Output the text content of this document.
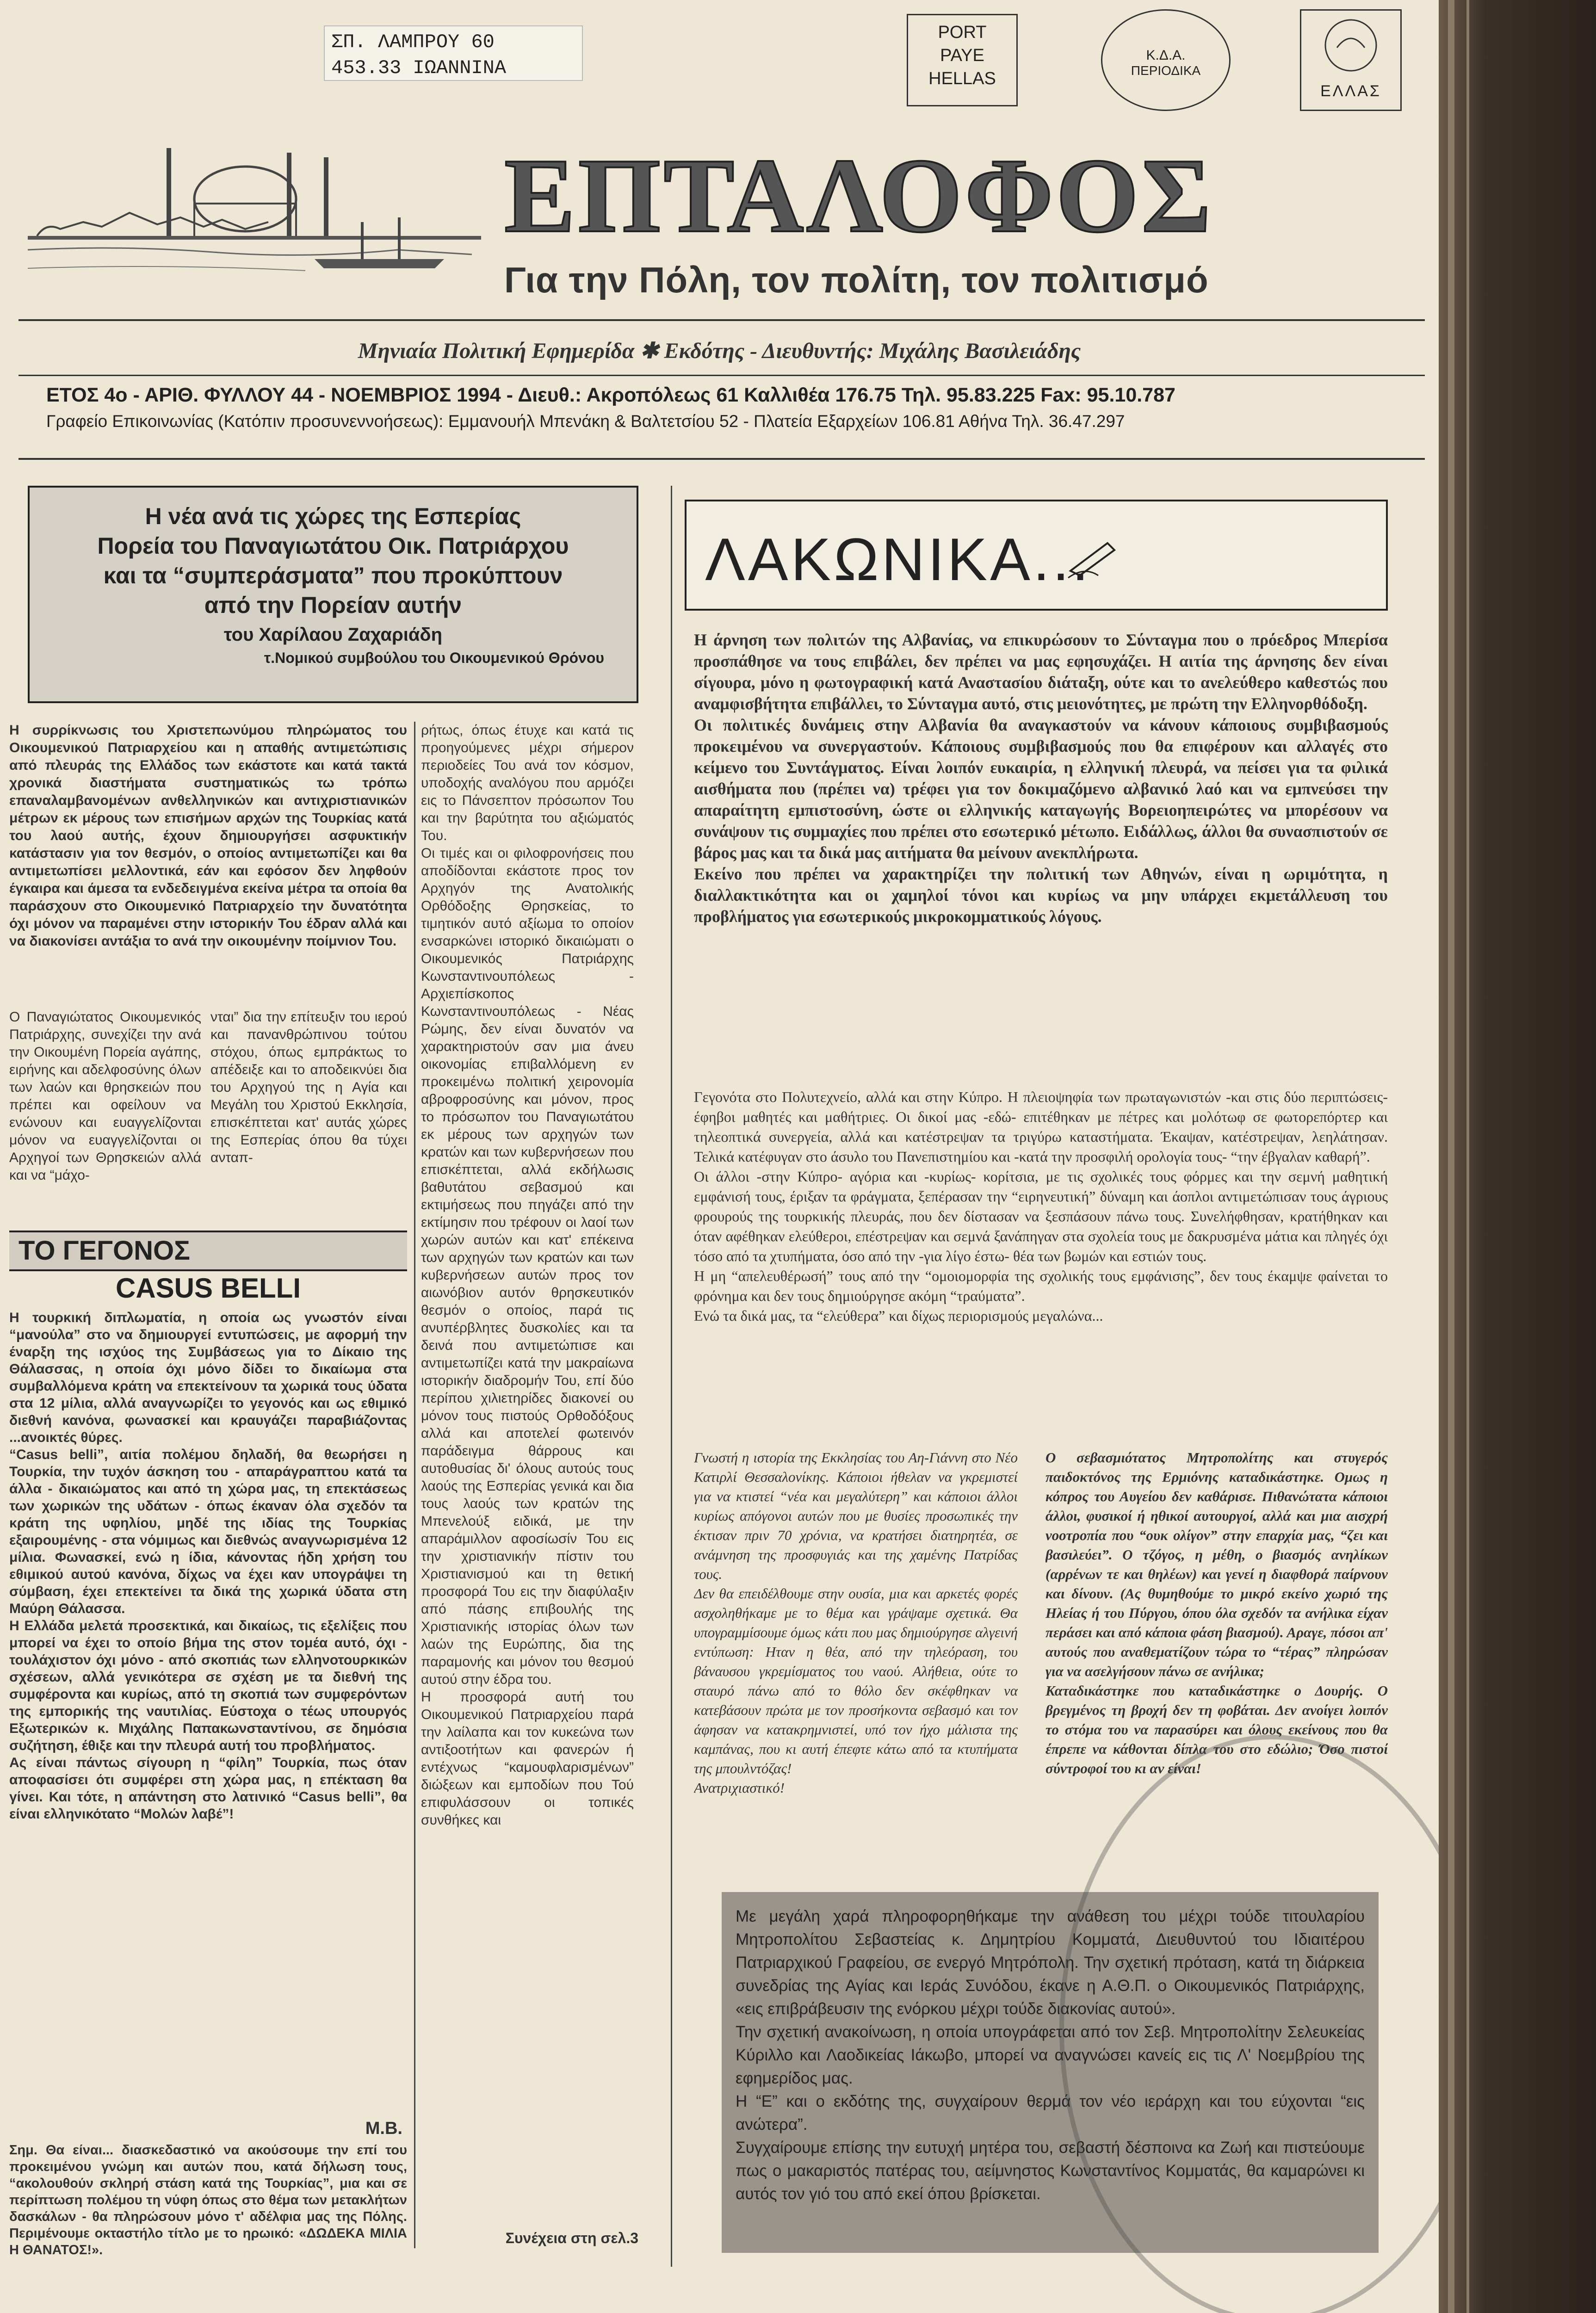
ΣΠ. ΛΑΜΠΡΟΥ 60
453.33 ΙΩΑΝΝΙΝΑ
PORT
PAYE
HELLAS
Κ.Δ.Α.
ΠΕΡΙΟΔΙΚΑ
ΕΛΛΑΣ
ΕΠΤΑΛΟΦΟΣ
Για την Πόλη, τον πολίτη, τον πολιτισμό
Μηνιαία Πολιτική Εφημερίδα ✱ Εκδότης - Διευθυντής: Μιχάλης Βασιλειάδης
ΕΤΟΣ 4ο - ΑΡΙΘ. ΦΥΛΛΟΥ 44 - ΝΟΕΜΒΡΙΟΣ 1994 - Διευθ.: Ακροπόλεως 61 Καλλιθέα 176.75 Τηλ. 95.83.225 Fax: 95.10.787
Γραφείο Επικοινωνίας (Κατόπιν προσυνεννοήσεως): Εμμανουήλ Μπενάκη & Βαλτετσίου 52 - Πλατεία Εξαρχείων 106.81 Αθήνα Τηλ. 36.47.297
Η νέα ανά τις χώρες της Εσπερίας
Πορεία του Παναγιωτάτου Οικ. Πατριάρχου
και τα “συμπεράσματα” που προκύπτουν
από την Πορείαν αυτήν
του Χαρίλαου Ζαχαριάδη
τ.Νομικού συμβούλου του Οικουμενικού Θρόνου
Η συρρίκνωσις του Χριστεπωνύμου πληρώματος του Οικουμενικού Πατριαρχείου και η απαθής αντιμετώπισις από πλευράς της Ελλάδος των εκάστοτε και κατά τακτά χρονικά διαστήματα συστηματικώς τω τρόπω επαναλαμβανομένων ανθελληνικών και αντιχριστιανικών μέτρων εκ μέρους των επισήμων αρχών της Τουρκίας κατά του λαού αυτής, έχουν δημιουργήσει ασφυκτικήν κατάστασιν για τον θεσμόν, ο οποίος αντιμετωπίζει και θα αντιμετωπίσει μελλοντικά, εάν και εφόσον δεν ληφθούν έγκαιρα και άμεσα τα ενδεδειγμένα εκείνα μέτρα τα οποία θα παράσχουν στο Οικουμενικό Πατριαρχείο την δυνατότητα όχι μόνον να παραμένει στην ιστορικήν Του έδραν αλλά και να διακονίσει αντάξια το ανά την οικουμένην ποίμνιον Του.
Ο Παναγιώτατος Οικουμενικός Πατριάρχης, συνεχίζει την ανά την Οικουμένη Πορεία αγάπης, ειρήνης και αδελφοσύνης όλων των λαών και θρησκειών που πρέπει και οφείλουν να ενώνουν και ευαγγελίζονται μόνον να ευαγγελίζονται οι Αρχηγοί των Θρησκειών αλλά και να “μάχο-
νται” δια την επίτευξιν του ιερού και πανανθρώπινου τούτου στόχου, όπως εμπράκτως το απέδειξε και το αποδεικνύει δια του Αρχηγού της η Αγία και Μεγάλη του Χριστού Εκκλησία, επισκέπτεται κατ' αυτάς χώρες της Εσπερίας όπου θα τύχει ανταπ-
ρήτως, όπως έτυχε και κατά τις προηγούμενες μέχρι σήμερον περιοδείες Του ανά τον κόσμον, υποδοχής αναλόγου που αρμόζει εις το Πάνσεπτον πρόσωπον Του και την βαρύτητα του αξιώματός Του.
Οι τιμές και οι φιλοφρονήσεις που αποδίδονται εκάστοτε προς τον Αρχηγόν της Ανατολικής Ορθόδοξης Θρησκείας, το τιμητικόν αυτό αξίωμα το οποίον ενσαρκώνει ιστορικό δικαιώματι ο Οικουμενικός Πατριάρχης Κωνσταντινουπόλεως - Αρχιεπίσκοπος Κωνσταντινουπόλεως - Νέας Ρώμης, δεν είναι δυνατόν να χαρακτηριστούν σαν μια άνευ οικονομίας επιβαλλόμενη εν προκειμένω πολιτική χειρονομία αβροφροσύνης και μόνον, προς το πρόσωπον του Παναγιωτάτου εκ μέρους των αρχηγών των κρατών και των κυβερνήσεων που επισκέπτεται, αλλά εκδήλωσις βαθυτάτου σεβασμού και εκτιμήσεως που πηγάζει από την εκτίμησιν που τρέφουν οι λαοί των χωρών αυτών και κατ' επέκεινα των αρχηγών των κρατών και των κυβερνήσεων αυτών προς τον αιωνόβιον αυτόν θρησκευτικόν θεσμόν ο οποίος, παρά τις ανυπέρβλητες δυσκολίες και τα δεινά που αντιμετώπισε και αντιμετωπίζει κατά την μακραίωνα ιστορικήν διαδρομήν Του, επί δύο περίπου χιλιετηρίδες διακονεί ου μόνον τους πιστούς Ορθοδόξους αλλά και αποτελεί φωτεινόν παράδειγμα θάρρους και αυτοθυσίας δι' όλους αυτούς τους λαούς της Εσπερίας γενικά και δια τους λαούς των κρατών της Μπενελούξ ειδικά, με την απαράμιλλον αφοσίωσίν Του εις την χριστιανικήν πίστιν του Χριστιανισμού και τη θετική προσφορά Του εις την διαφύλαξιν από πάσης επιβουλής της Χριστιανικής ιστορίας όλων των λαών της Ευρώπης, δια της παραμονής και μόνον του θεσμού αυτού στην έδρα του.
Η προσφορά αυτή του Οικουμενικού Πατριαρχείου παρά την λαίλαπα και τον κυκεώνα των αντιξοοτήτων και φανερών ή εντέχνως “καμουφλαρισμένων” διώξεων και εμποδίων που Τού επιφυλάσσουν οι τοπικές συνθήκες και
Συνέχεια στη σελ.3
ΤΟ ΓΕΓΟΝΟΣ
CASUS BELLI
Η τουρκική διπλωματία, η οποία ως γνωστόν είναι “μανούλα” στο να δημιουργεί εντυπώσεις, με αφορμή την έναρξη της ισχύος της Συμβάσεως για το Δίκαιο της Θάλασσας, η οποία όχι μόνο δίδει το δικαίωμα στα συμβαλλόμενα κράτη να επεκτείνουν τα χωρικά τους ύδατα στα 12 μίλια, αλλά αναγνωρίζει το γεγονός και ως εθιμικό διεθνή κανόνα, φωνασκεί και κραυγάζει παραβιάζοντας ...ανοικτές θύρες.
“Casus belli”, αιτία πολέμου δηλαδή, θα θεωρήσει η Τουρκία, την τυχόν άσκηση του - απαράγραπτου κατά τα άλλα - δικαιώματος και από τη χώρα μας, τη επεκτάσεως των χωρικών της υδάτων - όπως έκαναν όλα σχεδόν τα κράτη της υφηλίου, μηδέ της ιδίας της Τουρκίας εξαιρουμένης - στα νόμιμως και διεθνώς αναγνωρισμένα 12 μίλια. Φωνασκεί, ενώ η ίδια, κάνοντας ήδη χρήση του εθιμικού αυτού κανόνα, δίχως να έχει καν υπογράψει τη σύμβαση, έχει επεκτείνει τα δικά της χωρικά ύδατα στη Μαύρη Θάλασσα.
Η Ελλάδα μελετά προσεκτικά, και δικαίως, τις εξελίξεις που μπορεί να έχει το οποίο βήμα της στον τομέα αυτό, όχι - τουλάχιστον όχι μόνο - από σκοπιάς των ελληνοτουρκικών σχέσεων, αλλά γενικότερα σε σχέση με τα διεθνή της συμφέροντα και κυρίως, από τη σκοπιά των συμφερόντων της εμπορικής της ναυτιλίας. Εύστοχα ο τέως υπουργός Εξωτερικών κ. Μιχάλης Παπακωνσταντίνου, σε δημόσια συζήτηση, έθιξε και την πλευρά αυτή του προβλήματος.
Ας είναι πάντως σίγουρη η “φίλη” Τουρκία, πως όταν αποφασίσει ότι συμφέρει στη χώρα μας, η επέκταση θα γίνει. Και τότε, η απάντηση στο λατινικό “Casus belli”, θα είναι ελληνικότατο “Μολών λαβέ”!
Μ.Β.
Σημ. Θα είναι... διασκεδαστικό να ακούσουμε την επί του προκειμένου γνώμη και αυτών που, κατά δήλωση τους, “ακολουθούν σκληρή στάση κατά της Τουρκίας”, μια και σε περίπτωση πολέμου τη νύφη όπως στο θέμα των μετακλήτων δασκάλων - θα πληρώσουν μόνο τ' αδέλφια μας της Πόλης. Περιμένουμε οκταστήλο τίτλο με το ηρωικό: «ΔΩΔΕΚΑ ΜΙΛΙΑ Η ΘΑΝΑΤΟΣ!».
ΛΑΚΩΝΙΚΑ...
Η άρνηση των πολιτών της Αλβανίας, να επικυρώσουν το Σύνταγμα που ο πρόεδρος Μπερίσα προσπάθησε να τους επιβάλει, δεν πρέπει να μας εφησυχάζει. Η αιτία της άρνησης δεν είναι σίγουρα, μόνο η φωτογραφική κατά Αναστασίου διάταξη, ούτε και το ανελεύθερο καθεστώς που αναμφισβήτητα επιβάλλει, το Σύνταγμα αυτό, στις μειονότητες, με πρώτη την Ελληνορθόδοξη.
Οι πολιτικές δυνάμεις στην Αλβανία θα αναγκαστούν να κάνουν κάποιους συμβιβασμούς προκειμένου να συνεργαστούν. Κάποιους συμβιβασμούς που θα επιφέρουν και αλλαγές στο κείμενο του Συντάγματος. Είναι λοιπόν ευκαιρία, η ελληνική πλευρά, να πείσει για τα φιλικά αισθήματα που (πρέπει να) τρέφει για τον δοκιμαζόμενο αλβανικό λαό και να εμπνεύσει την απαραίτητη εμπιστοσύνη, ώστε οι ελληνικής καταγωγής Βορειοηπειρώτες να μπορέσουν να συνάψουν τις συμμαχίες που πρέπει στο εσωτερικό μέτωπο. Ειδάλλως, άλλοι θα συνασπιστούν σε βάρος μας και τα δικά μας αιτήματα θα μείνουν ανεκπλήρωτα.
Εκείνο που πρέπει να χαρακτηρίζει την πολιτική των Αθηνών, είναι η ωριμότητα, η διαλλακτικότητα και οι χαμηλοί τόνοι και κυρίως να μην υπάρχει εκμετάλλευση του προβλήματος για εσωτερικούς μικροκομματικούς λόγους.
Γεγονότα στο Πολυτεχνείο, αλλά και στην Κύπρο. Η πλειοψηφία των πρωταγωνιστών -και στις δύο περιπτώσεις- έφηβοι μαθητές και μαθήτριες. Οι δικοί μας -εδώ- επιτέθηκαν με πέτρες και μολότωφ σε φωτορεπόρτερ και τηλεοπτικά συνεργεία, αλλά και κατέστρεψαν τα τριγύρω καταστήματα. Έκαψαν, κατέστρεψαν, λεηλάτησαν. Τελικά κατέφυγαν στο άσυλο του Πανεπιστημίου και -κατά την προσφιλή ορολογία τους- “την έβγαλαν καθαρή”.
Οι άλλοι -στην Κύπρο- αγόρια και -κυρίως- κορίτσια, με τις σχολικές τους φόρμες και την σεμνή μαθητική εμφάνισή τους, έριξαν τα φράγματα, ξεπέρασαν την “ειρηνευτική” δύναμη και άοπλοι αντιμετώπισαν τους άγριους φρουρούς της τουρκικής πλευράς, που δεν δίστασαν να ξεσπάσουν πάνω τους. Συνελήφθησαν, κρατήθηκαν και όταν αφέθηκαν ελεύθεροι, επέστρεψαν και σεμνά ξανάπηγαν στα σχολεία τους με δακρυσμένα μάτια και πληγές όχι τόσο από τα χτυπήματα, όσο από την -για λίγο έστω- θέα των βωμών και εστιών τους.
Η μη “απελευθέρωσή” τους από την “ομοιομορφία της σχολικής τους εμφάνισης”, δεν τους έκαμψε φαίνεται το φρόνημα και δεν τους δημιούργησε ακόμη “τραύματα”.
Ενώ τα δικά μας, τα “ελεύθερα” και δίχως περιορισμούς μεγαλώνα...
Γνωστή η ιστορία της Εκκλησίας του Αη-Γιάννη στο Νέο Κατιρλί Θεσσαλονίκης. Κάποιοι ήθελαν να γκρεμιστεί για να κτιστεί “νέα και μεγαλύτερη” και κάποιοι άλλοι κυρίως απόγονοι αυτών που με θυσίες προσωπικές την έκτισαν πριν 70 χρόνια, να κρατήσει διατηρητέα, σε ανάμνηση της προσφυγιάς και της χαμένης Πατρίδας τους.
Δεν θα επειδέλθουμε στην ουσία, μια και αρκετές φορές ασχοληθήκαμε με το θέμα και γράψαμε σχετικά. Θα υπογραμμίσουμε όμως κάτι που μας δημιούργησε αλγεινή εντύπωση: Ηταν η θέα, από την τηλεόραση, του βάναυσου γκρεμίσματος του ναού. Αλήθεια, ούτε το σταυρό πάνω από το θόλο δεν σκέφθηκαν να κατεβάσουν πρώτα με τον προσήκοντα σεβασμό και τον άφησαν να κατακρημνιστεί, υπό τον ήχο μάλιστα της καμπάνας, που κι αυτή έπεφτε κάτω από τα κτυπήματα της μπουλντόζας!
Ανατριχιαστικό!
Ο σεβασμιότατος Μητροπολίτης και στυγερός παιδοκτόνος της Ερμιόνης καταδικάστηκε. Ομως η κόπρος του Αυγείου δεν καθάρισε. Πιθανώτατα κάποιοι άλλοι, φυσικοί ή ηθικοί αυτουργοί, αλλά και μια αισχρή νοοτροπία που “ουκ ολίγον” στην επαρχία μας, “ζει και βασιλεύει”. Ο τζόγος, η μέθη, ο βιασμός ανηλίκων (αρρένων τε και θηλέων) και γενεί η διαφθορά παίρνουν και δίνουν. (Ας θυμηθούμε το μικρό εκείνο χωριό της Ηλείας ή του Πύργου, όπου όλα σχεδόν τα ανήλικα είχαν περάσει και από κάποια φάση βιασμού). Αραγε, πόσοι απ' αυτούς που αναθεματίζουν τώρα το “τέρας” πληρώσαν για να ασελγήσουν πάνω σε ανήλικα;
Καταδικάστηκε που καταδικάστηκε ο Δουρής. Ο βρεγμένος τη βροχή δεν τη φοβάται. Δεν ανοίγει λοιπόν το στόμα του να παρασύρει και όλους εκείνους που θα έπρεπε να κάθονται δίπλα του στο εδώλιο; Όσο πιστοί σύντροφοί του κι αν είναι!
Με μεγάλη χαρά πληροφορηθήκαμε την ανάθεση του μέχρι τούδε τιτουλαρίου Μητροπολίτου Σεβαστείας κ. Δημητρίου Κομματά, Διευθυντού του Ιδιαιτέρου Πατριαρχικού Γραφείου, σε ενεργό Μητρόπολη. Την σχετική πρόταση, κατά τη διάρκεια συνεδρίας της Αγίας και Ιεράς Συνόδου, έκανε η Α.Θ.Π. ο Οικουμενικός Πατριάρχης, «εις επιβράβευσιν της ενόρκου μέχρι τούδε διακονίας αυτού».
Την σχετική ανακοίνωση, η οποία υπογράφεται από τον Σεβ. Μητροπολίτην Σελευκείας Κύριλλο και Λαοδικείας Ιάκωβο, μπορεί να αναγνώσει κανείς εις τις Λ' Νοεμβρίου της εφημερίδος μας.
Η “Ε” και ο εκδότης της, συγχαίρουν θερμά τον νέο ιεράρχη και του εύχονται “εις ανώτερα”.
Συγχαίρουμε επίσης την ευτυχή μητέρα του, σεβαστή δέσποινα κα Ζωή και πιστεύουμε πως ο μακαριστός πατέρας του, αείμνηστος Κωνσταντίνος Κομματάς, θα καμαρώνει κι αυτός τον γιό του από εκεί όπου βρίσκεται.
